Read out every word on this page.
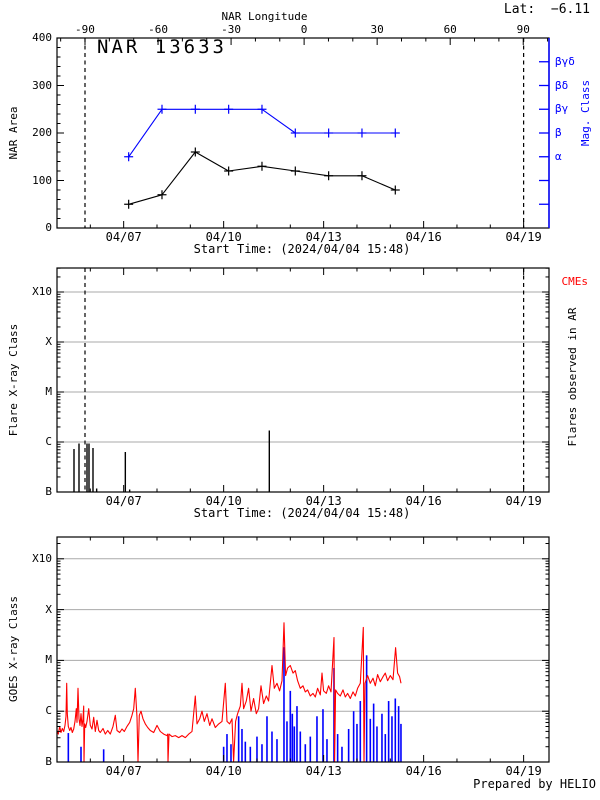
Lat:  −6.11
NAR Longitude
NAR 13633
NAR Area	Mag. Class
Start Time: (2024/04/04 15:48)
Flare X-ray Class
CMEs
Flares observed in AR
Start Time: (2024/04/04 15:48)
GOES X-ray Class
Prepared by HELIO
-90	-60	-30	0	30	60	90
0
100
200
300
400
βγδ
βδ
βγ
β
α
04/07	04/10	04/13	04/16	04/19
04/07	04/10	04/13	04/16	04/19
04/07	04/10	04/13	04/16	04/19
B
C
M
X
X10
B
C
M
X
X10
